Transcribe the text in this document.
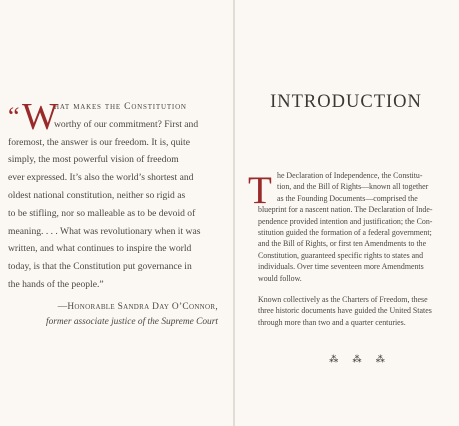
“ W
hat makes the Constitution
worthy of our commitment? First and
foremost, the answer is our freedom. It is, quite
simply, the most powerful vision of freedom
ever expressed. It’s also the world’s shortest and
oldest national constitution, neither so rigid as
to be stifling, nor so malleable as to be devoid of
meaning. . . . What was revolutionary when it was
written, and what continues to inspire the world
today, is that the Constitution put governance in
the hands of the people.”
—Honorable Sandra Day O’Connor,
former associate justice of the Supreme Court
INTRODUCTION
T he Declaration of Independence, the Constitu-
tion, and the Bill of Rights—known all together
as the Founding Documents—comprised the
blueprint for a nascent nation. The Declaration of Inde-
pendence provided intention and justification; the Con-
stitution guided the formation of a federal government;
and the Bill of Rights, or first ten Amendments to the
Constitution, guaranteed specific rights to states and
individuals. Over time seventeen more Amendments
would follow.
Known collectively as the Charters of Freedom, these
three historic documents have guided the United States
through more than two and a quarter centuries.
⁂ ⁂ ⁂
